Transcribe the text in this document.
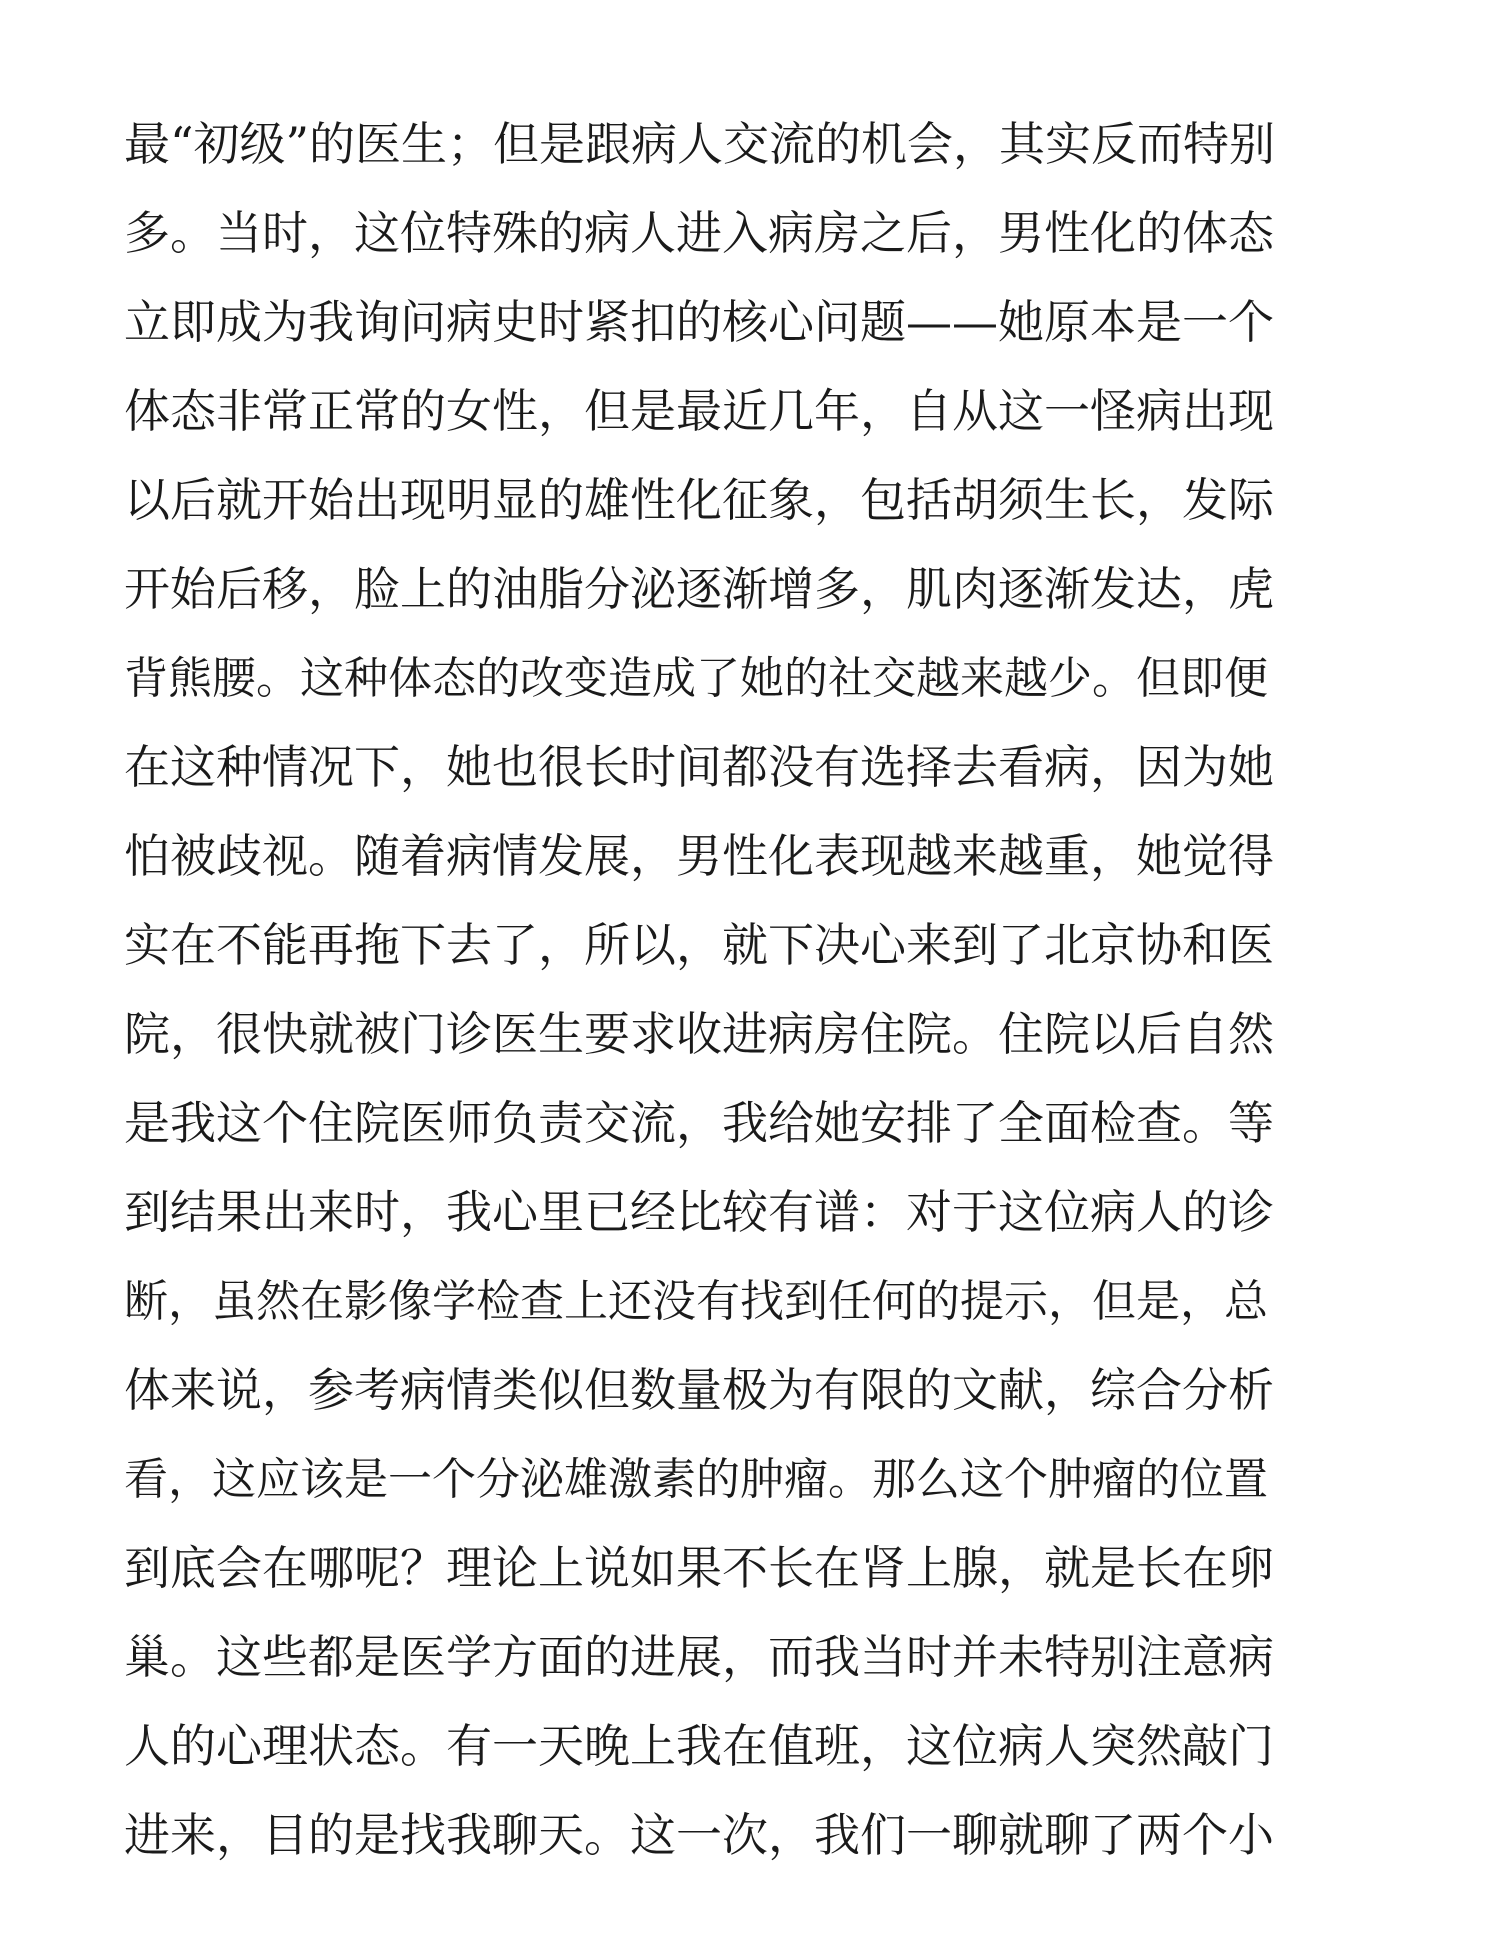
最“初级”的医生；但是跟病人交流的机会，其实反而特别
多。当时，这位特殊的病人进入病房之后，男性化的体态
立即成为我询问病史时紧扣的核心问题——她原本是一个
体态非常正常的女性，但是最近几年，自从这一怪病出现
以后就开始出现明显的雄性化征象，包括胡须生长，发际
开始后移，脸上的油脂分泌逐渐增多，肌肉逐渐发达，虎
背熊腰。这种体态的改变造成了她的社交越来越少。但即便
在这种情况下，她也很长时间都没有选择去看病，因为她
怕被歧视。随着病情发展，男性化表现越来越重，她觉得
实在不能再拖下去了，所以，就下决心来到了北京协和医
院，很快就被门诊医生要求收进病房住院。住院以后自然
是我这个住院医师负责交流，我给她安排了全面检查。等
到结果出来时，我心里已经比较有谱：对于这位病人的诊
断，虽然在影像学检查上还没有找到任何的提示，但是，总
体来说，参考病情类似但数量极为有限的文献，综合分析
看，这应该是一个分泌雄激素的肿瘤。那么这个肿瘤的位置
到底会在哪呢？理论上说如果不长在肾上腺，就是长在卵
巢。这些都是医学方面的进展，而我当时并未特别注意病
人的心理状态。有一天晚上我在值班，这位病人突然敲门
进来，目的是找我聊天。这一次，我们一聊就聊了两个小
